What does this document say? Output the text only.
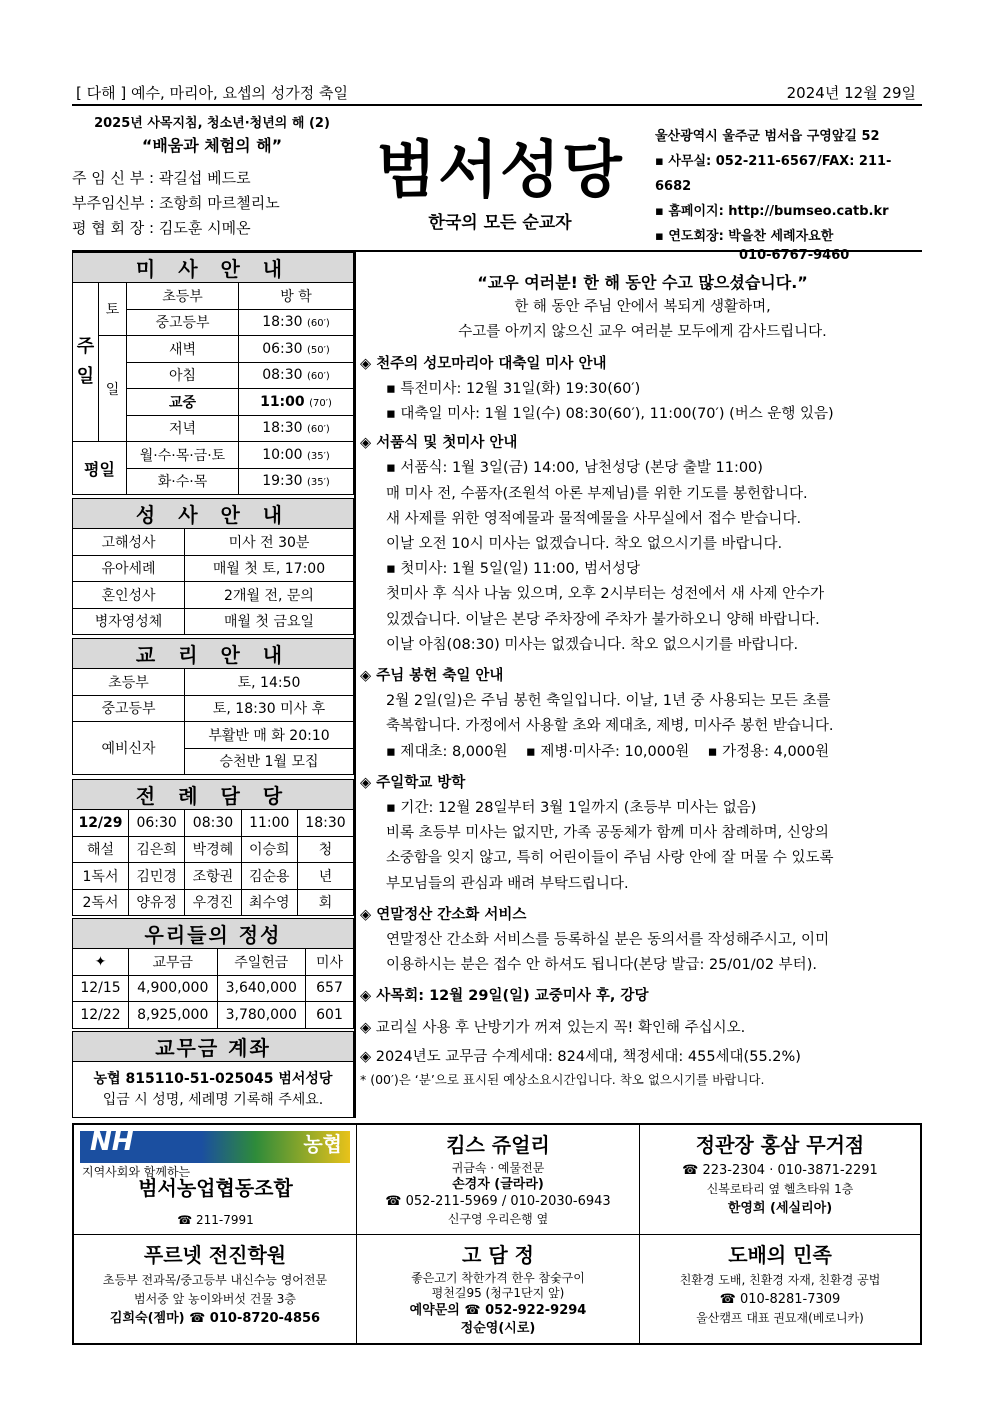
[ 다해 ] 예수, 마리아, 요셉의 성가정 축일	2024년 12월 29일
2025년 사목지침, 청소년·청년의 해 (2)
“배움과 체험의 해”
주 임 신 부 : 곽길섭 베드로
부주임신부 : 조항희 마르첼리노
평 협 회 장 : 김도훈 시메온
범서성당
한국의 모든 순교자
울산광역시 울주군 범서읍 구영앞길 52
▪ 사무실: 052-211-6567/FAX: 211-6682
▪ 홈페이지: http://bumseo.catb.kr
▪ 연도회장: 박을찬 세례자요한
010-6767-9460
미 사 안 내			
주
일	토	초등부	방 학
		중고등부	18:30 (60′)
	일	새벽	06:30 (50′)
		아침	08:30 (60′)
		교중	11:00 (70′)
		저녁	18:30 (60′)
평일		월·수·목·금·토	10:00 (35′)
		화·수·목	19:30 (35′)
성 사 안 내	
고해성사	미사 전 30분
유아세례	매월 첫 토, 17:00
혼인성사	2개월 전, 문의
병자영성체	매월 첫 금요일
교 리 안 내	
초등부	토, 14:50
중고등부	토, 18:30 미사 후
예비신자	부활반 매 화 20:10
	승천반 1월 모집
전 례 담 당				
12/29	06:30	08:30	11:00	18:30
해설	김은희	박경혜	이승희	청
1독서	김민경	조항권	김순용	년
2독서	양유정	우경진	최수영	회
우리들의 정성			
✦	교무금	주일헌금	미사
12/15	4,900,000	3,640,000	657
12/22	8,925,000	3,780,000	601
교무금 계좌
농협 815110-51-025045 범서성당
입금 시 성명, 세례명 기록해 주세요.
“교우 여러분! 한 해 동안 수고 많으셨습니다.”
한 해 동안 주님 안에서 복되게 생활하며,
수고를 아끼지 않으신 교우 여러분 모두에게 감사드립니다.
◈ 천주의 성모마리아 대축일 미사 안내
▪ 특전미사: 12월 31일(화) 19:30(60′)
▪ 대축일 미사: 1월 1일(수) 08:30(60′), 11:00(70′) (버스 운행 있음)
◈ 서품식 및 첫미사 안내
▪ 서품식: 1월 3일(금) 14:00, 남천성당 (본당 출발 11:00)
매 미사 전, 수품자(조원석 아론 부제님)를 위한 기도를 봉헌합니다.
새 사제를 위한 영적예물과 물적예물을 사무실에서 접수 받습니다.
이날 오전 10시 미사는 없겠습니다. 착오 없으시기를 바랍니다.
▪ 첫미사: 1월 5일(일) 11:00, 범서성당
첫미사 후 식사 나눔 있으며, 오후 2시부터는 성전에서 새 사제 안수가
있겠습니다. 이날은 본당 주차장에 주차가 불가하오니 양해 바랍니다.
이날 아침(08:30) 미사는 없겠습니다. 착오 없으시기를 바랍니다.
◈ 주님 봉헌 축일 안내
2월 2일(일)은 주님 봉헌 축일입니다. 이날, 1년 중 사용되는 모든 초를
축복합니다. 가정에서 사용할 초와 제대초, 제병, 미사주 봉헌 받습니다.
▪ 제대초: 8,000원    ▪ 제병·미사주: 10,000원    ▪ 가정용: 4,000원
◈ 주일학교 방학
▪ 기간: 12월 28일부터 3월 1일까지 (초등부 미사는 없음)
비록 초등부 미사는 없지만, 가족 공동체가 함께 미사 참례하며, 신앙의
소중함을 잊지 않고, 특히 어린이들이 주님 사랑 안에 잘 머물 수 있도록
부모님들의 관심과 배려 부탁드립니다.
◈ 연말정산 간소화 서비스
연말정산 간소화 서비스를 등록하실 분은 동의서를 작성해주시고, 이미
이용하시는 분은 접수 안 하셔도 됩니다(본당 발급: 25/01/02 부터).
◈ 사목회: 12월 29일(일) 교중미사 후, 강당
◈ 교리실 사용 후 난방기가 꺼져 있는지 꼭! 확인해 주십시오.
◈ 2024년도 교무금 수계세대: 824세대, 책정세대: 455세대(55.2%)
* (00′)은 ‘분’으로 표시된 예상소요시간입니다. 착오 없으시기를 바랍니다.
NH	농협
지역사회와 함께하는
범서농업협동조합
☎ 211-7991
킴스 쥬얼리
귀금속 · 예물전문
손경자 (글라라)
☎ 052-211-5969 / 010-2030-6943
신구영 우리은행 옆
정관장 홍삼 무거점
☎ 223-2304 · 010-3871-2291
신복로타리 옆 헬츠타워 1층
한영희 (세실리아)
푸르넷 전진학원
초등부 전과목/중고등부 내신수능 영어전문
범서중 앞 농이와버섯 건물 3층
김희숙(젬마) ☎ 010-8720-4856
고 담 정
좋은고기 착한가격 한우 참숯구이
평천길95 (청구1단지 앞)
예약문의 ☎ 052-922-9294
정순영(시로)
도배의 민족
친환경 도배, 친환경 자재, 친환경 공법
☎ 010-8281-7309
울산캠프 대표 권묘재(베로니카)
